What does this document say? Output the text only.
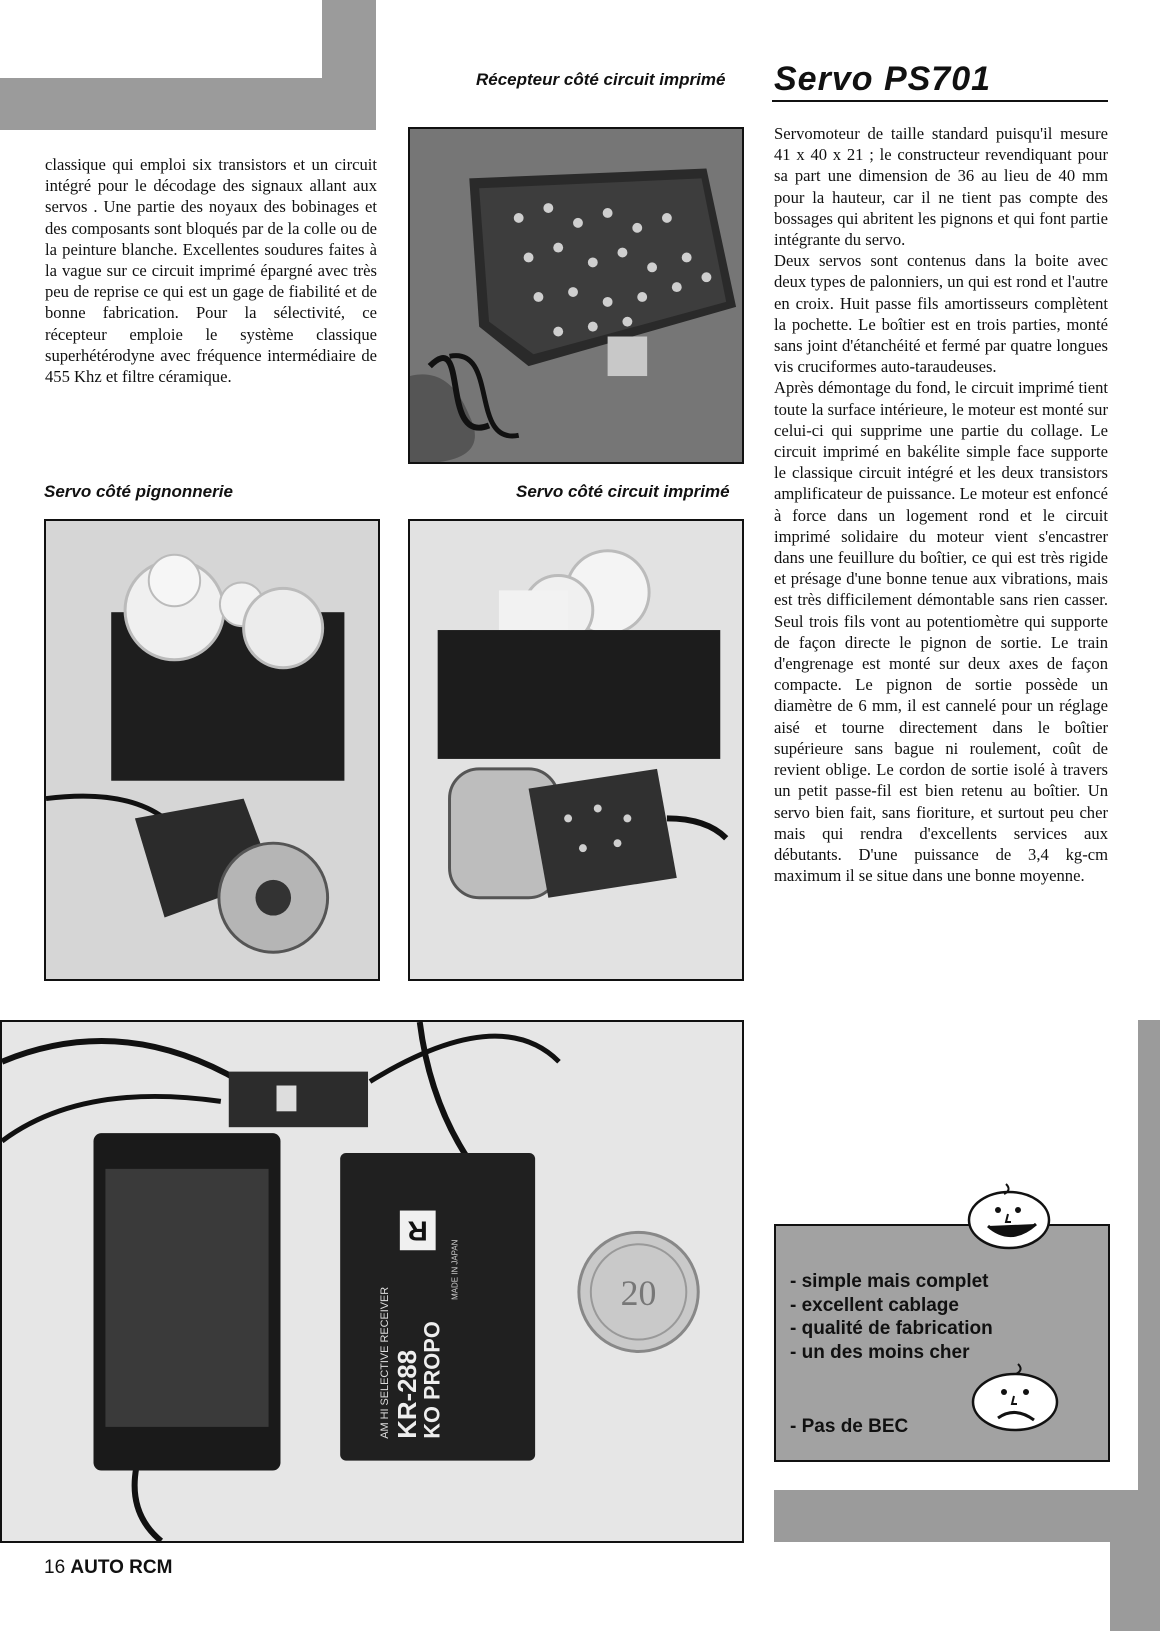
Récepteur côté circuit imprimé
Servo côté pignonnerie	Servo côté circuit imprimé

classique qui emploi six transistors et un circuit intégré pour le décodage des signaux allant aux servos . Une partie des noyaux des bobinages et des composants sont bloqués par de la colle ou de la peinture blanche. Excellentes soudures faites à la vague sur ce circuit imprimé épargné avec très peu de reprise ce qui est un gage de fiabilité et de bonne fabrication. Pour la sélectivité, ce récepteur emploie le système classique superhétérodyne avec fréquence intermédiaire de 455 Khz et filtre céramique.

R
KO PROPO
KR-288
AM HI SELECTIVE RECEIVER
MADE IN JAPAN	20
Servo PS701

Servomoteur de taille standard puisqu'il mesure 41 x 40 x 21 ; le constructeur revendiquant pour sa part une dimension de 36 au lieu de 40 mm pour la hauteur, car il ne tient pas compte des bossages qui abritent les pignons et qui font partie intégrante du servo.

Deux servos sont contenus dans la boite avec deux types de palonniers, un qui est rond et l'autre en croix. Huit passe fils amortisseurs complètent la pochette. Le boîtier est en trois parties, monté sans joint d'étanchéité et fermé par quatre longues vis cruciformes auto-taraudeuses.

Après démontage du fond, le circuit imprimé tient toute la surface intérieure, le moteur est monté sur celui-ci qui supprime une partie du collage. Le circuit imprimé en bakélite simple face supporte le classique circuit intégré et les deux transistors amplificateur de puissance. Le moteur est enfoncé à force dans un logement rond et le circuit imprimé solidaire du moteur vient s'encastrer dans une feuillure du boîtier, ce qui est très rigide et présage d'une bonne tenue aux vibrations, mais est très difficilement démontable sans rien casser. Seul trois fils vont au potentiomètre qui supporte de façon directe le pignon de sortie. Le train d'engrenage est monté sur deux axes de façon compacte. Le pignon de sortie possède un diamètre de 6 mm, il est cannelé pour un réglage aisé et tourne directement dans le boîtier supérieure sans bague ni roulement, coût de revient oblige. Le cordon de sortie isolé à travers un petit passe-fil est bien retenu au boîtier. Un servo bien fait, sans fioriture, et surtout peu cher mais qui rendra d'excellents services aux débutants. D'une puissance de 3,4 kg-cm maximum il se situe dans une bonne moyenne.

- simple mais complet
- excellent cablage
- qualité de fabrication
- un des moins cher
- Pas de BEC
16 AUTO RCM
